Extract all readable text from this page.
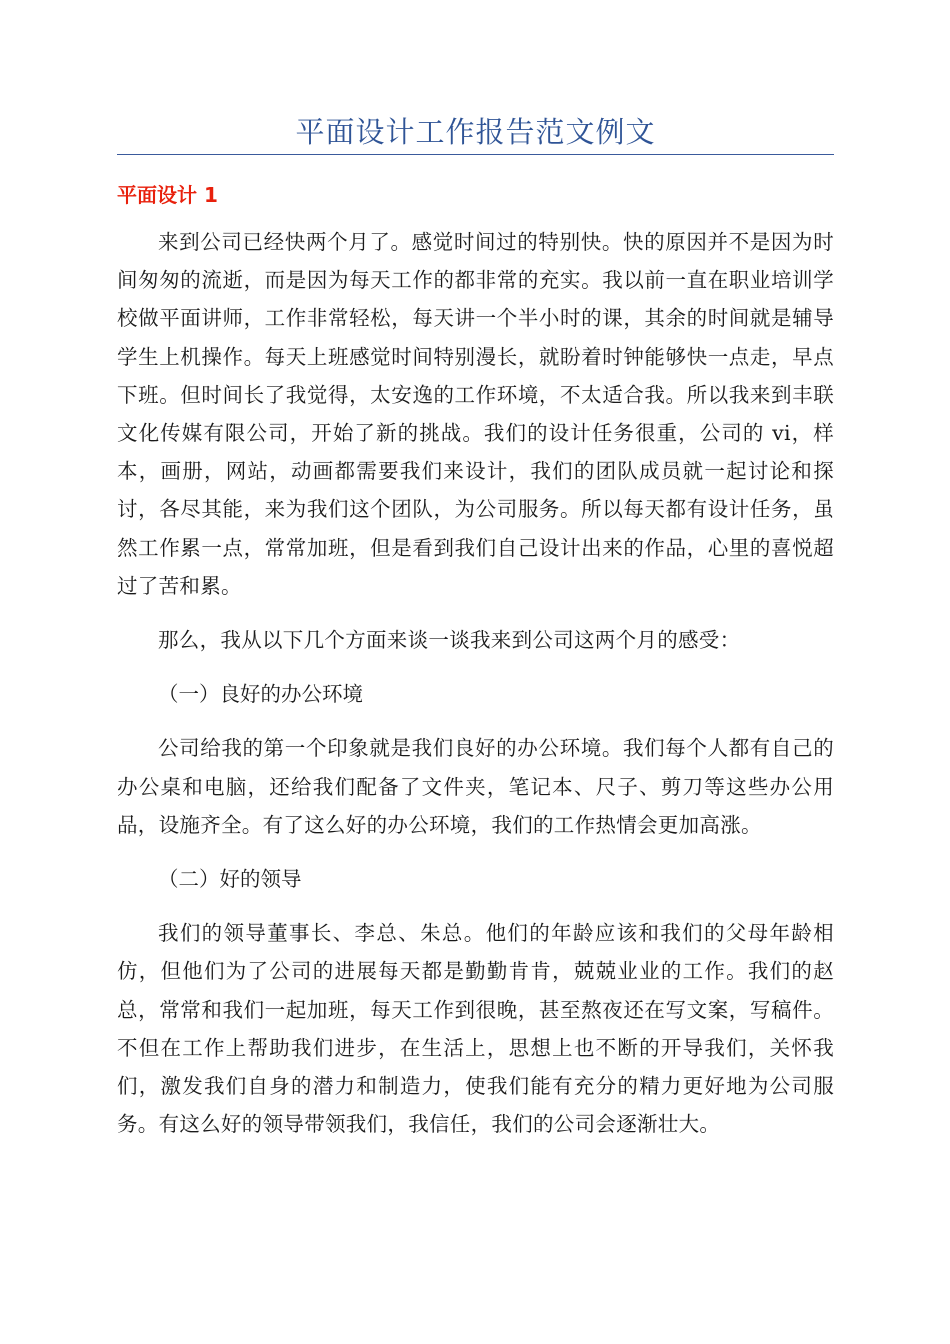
平面设计工作报告范文例文
平面设计 1

来到公司已经快两个月了。感觉时间过的特别快。快的原因并不是因为时间匆匆的流逝，而是因为每天工作的都非常的充实。我以前一直在职业培训学校做平面讲师，工作非常轻松，每天讲一个半小时的课，其余的时间就是辅导学生上机操作。每天上班感觉时间特别漫长，就盼着时钟能够快一点走，早点下班。但时间长了我觉得，太安逸的工作环境，不太适合我。所以我来到丰联文化传媒有限公司，开始了新的挑战。我们的设计任务很重，公司的 vi，样本，画册，网站，动画都需要我们来设计，我们的团队成员就一起讨论和探讨，各尽其能，来为我们这个团队，为公司服务。所以每天都有设计任务，虽然工作累一点，常常加班，但是看到我们自己设计出来的作品，心里的喜悦超过了苦和累。

那么，我从以下几个方面来谈一谈我来到公司这两个月的感受：

（一）良好的办公环境

公司给我的第一个印象就是我们良好的办公环境。我们每个人都有自己的办公桌和电脑，还给我们配备了文件夹，笔记本、尺子、剪刀等这些办公用品，设施齐全。有了这么好的办公环境，我们的工作热情会更加高涨。

（二）好的领导

我们的领导董事长、李总、朱总。他们的年龄应该和我们的父母年龄相仿，但他们为了公司的进展每天都是勤勤肯肯，兢兢业业的工作。我们的赵总，常常和我们一起加班，每天工作到很晚，甚至熬夜还在写文案，写稿件。不但在工作上帮助我们进步，在生活上，思想上也不断的开导我们，关怀我们，激发我们自身的潜力和制造力，使我们能有充分的精力更好地为公司服务。有这么好的领导带领我们，我信任，我们的公司会逐渐壮大。
